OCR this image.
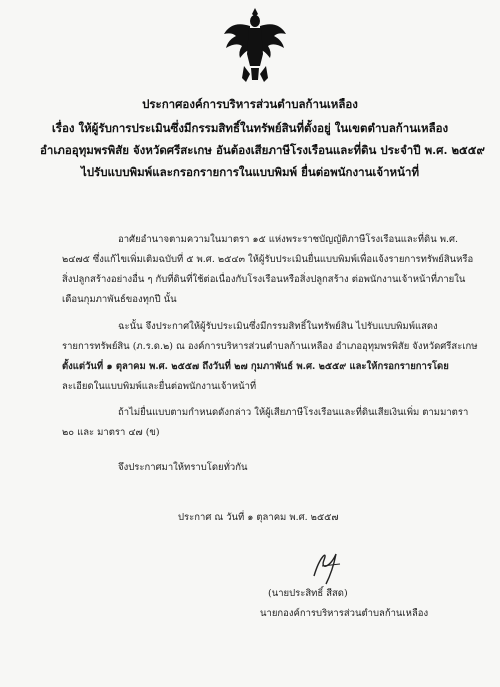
ประกาศองค์การบริหารส่วนตำบลก้านเหลือง
เรื่อง ให้ผู้รับการประเมินซึ่งมีกรรมสิทธิ์ในทรัพย์สินที่ตั้งอยู่ ในเขตตำบลก้านเหลือง
อำเภออุทุมพรพิสัย จังหวัดศรีสะเกษ อันต้องเสียภาษีโรงเรือนและที่ดิน ประจำปี พ.ศ. ๒๕๕๙
ไปรับแบบพิมพ์และกรอกรายการในแบบพิมพ์ ยื่นต่อพนักงานเจ้าหน้าที่
อาศัยอำนาจตามความในมาตรา ๑๕ แห่งพระราชบัญญัติภาษีโรงเรือนและที่ดิน พ.ศ.
๒๔๗๕ ซึ่งแก้ไขเพิ่มเติมฉบับที่ ๕ พ.ศ. ๒๕๔๓ ให้ผู้รับประเมินยื่นแบบพิมพ์เพื่อแจ้งรายการทรัพย์สินหรือ
สิ่งปลูกสร้างอย่างอื่น ๆ กับที่ดินที่ใช้ต่อเนื่องกับโรงเรือนหรือสิ่งปลูกสร้าง ต่อพนักงานเจ้าหน้าที่ภายใน
เดือนกุมภาพันธ์ของทุกปี นั้น
ฉะนั้น จึงประกาศให้ผู้รับประเมินซึ่งมีกรรมสิทธิ์ในทรัพย์สิน ไปรับแบบพิมพ์แสดง
รายการทรัพย์สิน (ภ.ร.ด.๒) ณ องค์การบริหารส่วนตำบลก้านเหลือง อำเภออุทุมพรพิสัย จังหวัดศรีสะเกษ
ตั้งแต่วันที่ ๑ ตุลาคม พ.ศ. ๒๕๕๗ ถึงวันที่ ๒๗ กุมภาพันธ์ พ.ศ. ๒๕๕๙ และให้กรอกรายการโดย
ละเอียดในแบบพิมพ์และยื่นต่อพนักงานเจ้าหน้าที่
ถ้าไม่ยื่นแบบตามกำหนดดังกล่าว ให้ผู้เสียภาษีโรงเรือนและที่ดินเสียเงินเพิ่ม ตามมาตรา
๒๐ และ มาตรา ๔๗ (ข)
จึงประกาศมาให้ทราบโดยทั่วกัน
ประกาศ ณ วันที่ ๑ ตุลาคม พ.ศ. ๒๕๕๗
(นายประสิทธิ์ สีสด)
นายกองค์การบริหารส่วนตำบลก้านเหลือง
